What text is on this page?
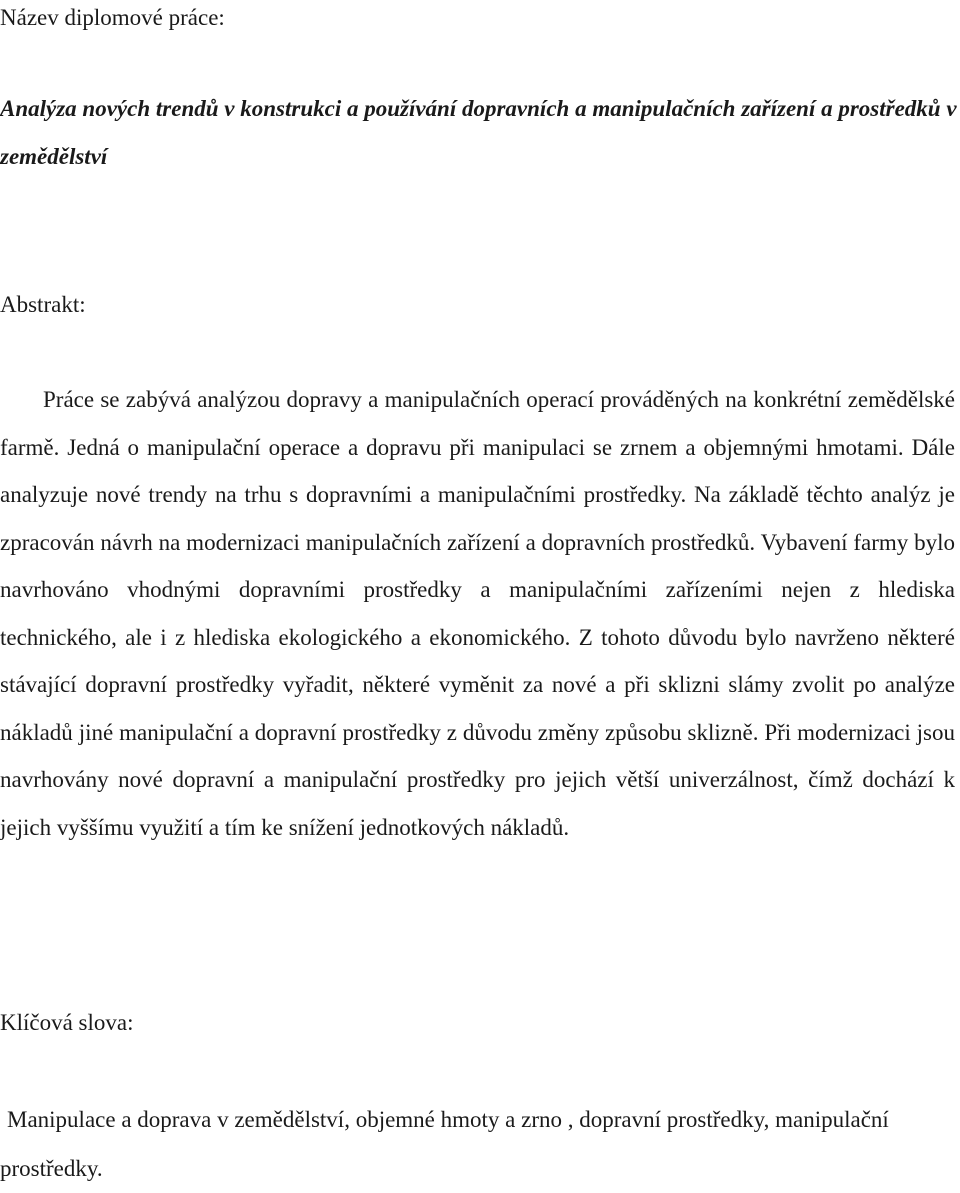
Název diplomové práce:
Analýza nových trendů v konstrukci a používání dopravních a manipulačních zařízení a prostředků v zemědělství
Abstrakt:

Práce se zabývá analýzou dopravy a manipulačních operací prováděných na konkrétní zemědělské farmě. Jedná o manipulační operace a dopravu při manipulaci se zrnem a objemnými hmotami. Dále analyzuje nové trendy na trhu s dopravními a manipulačními prostředky. Na základě těchto analýz je zpracován návrh na modernizaci manipulačních zařízení a dopravních prostředků. Vybavení farmy bylo navrhováno vhodnými dopravními prostředky a manipulačními zařízeními nejen z hlediska technického, ale i z hlediska ekologického a ekonomického. Z tohoto důvodu bylo navrženo některé stávající dopravní prostředky vyřadit, některé vyměnit za nové a při sklizni slámy zvolit po analýze nákladů jiné manipulační a dopravní prostředky z důvodu změny způsobu sklizně. Při modernizaci jsou navrhovány nové dopravní a manipulační prostředky pro jejich větší univerzálnost, čímž dochází k jejich vyššímu využití a tím ke snížení jednotkových nákladů.

Klíčová slova:

Manipulace a doprava v zemědělství, objemné hmoty a zrno , dopravní prostředky, manipulační prostředky.
